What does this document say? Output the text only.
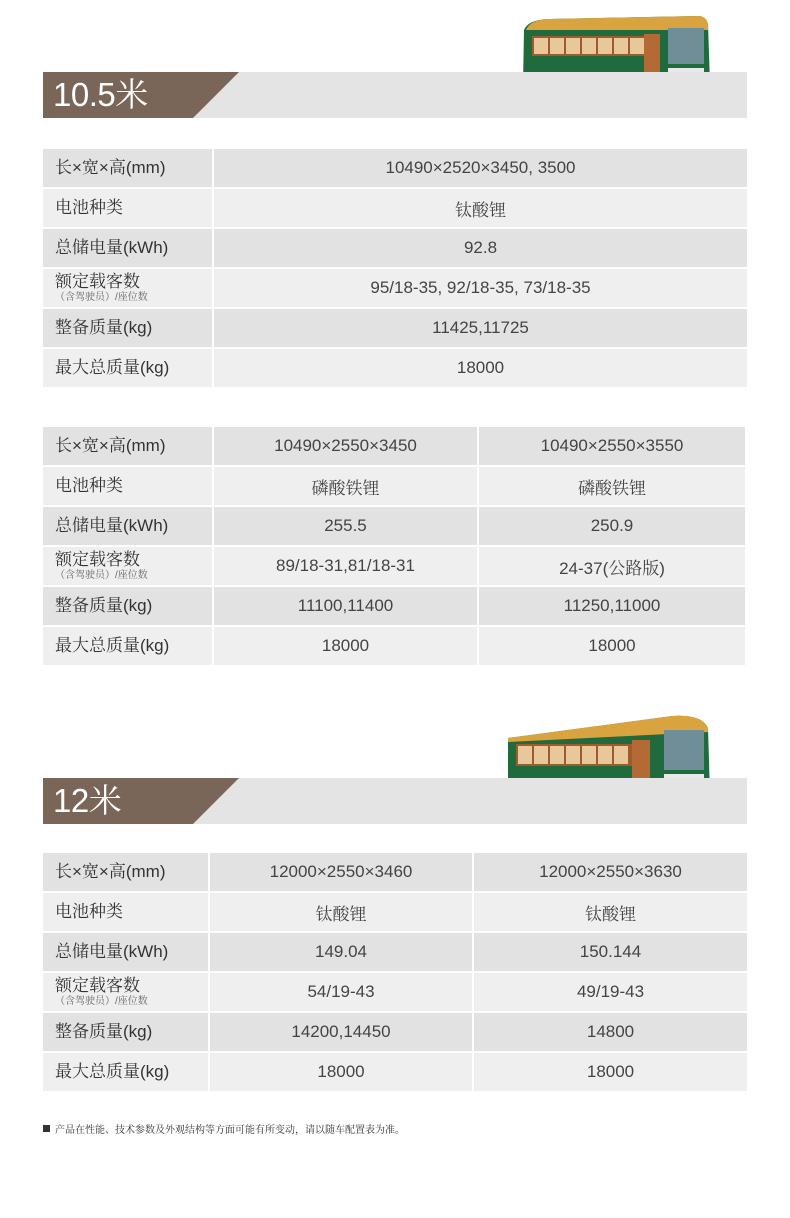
10.5米
长×宽×高(mm)	10490×2520×3450, 3500

电池种类	钛酸锂

总储电量(kWh)	92.8

额定载客数
（含驾驶员）/座位数	95/18-35, 92/18-35, 73/18-35

整备质量(kg)	11425,11725

最大总质量(kg)	18000
长×宽×高(mm)	10490×2550×3450	10490×2550×3550

电池种类	磷酸铁锂	磷酸铁锂

总储电量(kWh)	255.5	250.9

额定载客数
（含驾驶员）/座位数	89/18-31,81/18-31	24-37(公路版)

整备质量(kg)	11100,11400	11250,11000

最大总质量(kg)	18000	18000
12米
长×宽×高(mm)	12000×2550×3460	12000×2550×3630

电池种类	钛酸锂	钛酸锂

总储电量(kWh)	149.04	150.144

额定载客数
（含驾驶员）/座位数	54/19-43	49/19-43

整备质量(kg)	14200,14450	14800

最大总质量(kg)	18000	18000
产品在性能、技术参数及外观结构等方面可能有所变动，请以随车配置表为准。
